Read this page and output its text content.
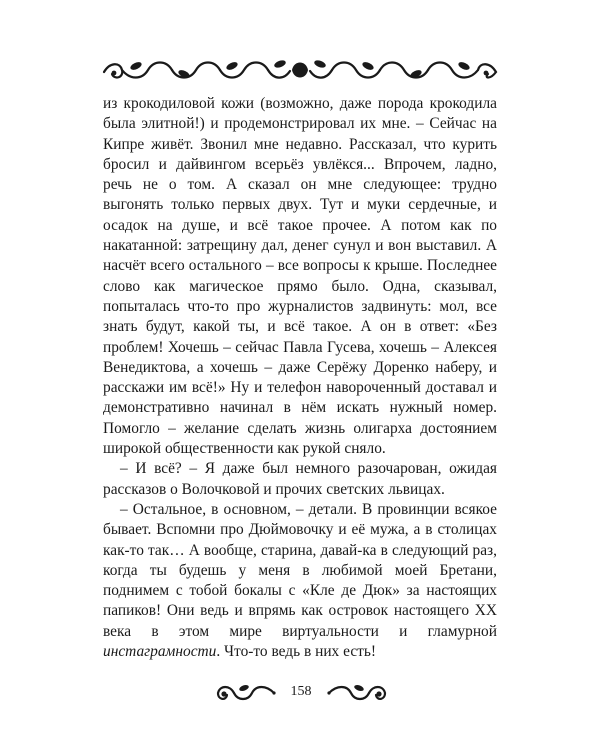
из крокодиловой кожи (возможно, даже порода крокодила была элитной!) и продемонстрировал их мне. – Сейчас на Кипре живёт. Звонил мне недавно. Рассказал, что курить бросил и дайвингом всерьёз увлёкся... Впрочем, ладно, речь не о том. А сказал он мне следующее: трудно выгонять только первых двух. Тут и муки сердечные, и осадок на душе, и всё такое прочее. А потом как по накатанной: затрещину дал, денег сунул и вон выставил. А насчёт всего остального – все вопросы к крыше. Последнее слово как магическое прямо было. Одна, сказывал, попыталась что-то про журналистов задвинуть: мол, все знать будут, какой ты, и всё такое. А он в ответ: «Без проблем! Хочешь – сейчас Павла Гусева, хочешь – Алексея Венедиктова, а хочешь – даже Серёжу Доренко наберу, и расскажи им всё!» Ну и телефон навороченный доставал и демонстративно начинал в нём искать нужный номер. Помогло – желание сделать жизнь олигарха достоянием широкой общественности как рукой сняло.

– И всё? – Я даже был немного разочарован, ожидая рассказов о Волочковой и прочих светских львицах.

– Остальное, в основном, – детали. В провинции всякое бывает. Вспомни про Дюймовочку и её мужа, а в столицах как-то так… А вообще, старина, давай-ка в следующий раз, когда ты будешь у меня в любимой моей Бретани, поднимем с тобой бокалы с «Кле де Дюк» за настоящих папиков! Они ведь и впрямь как островок настоящего XX века в этом мире виртуальности и гламурной инстаграмности. Что-то ведь в них есть!

158
